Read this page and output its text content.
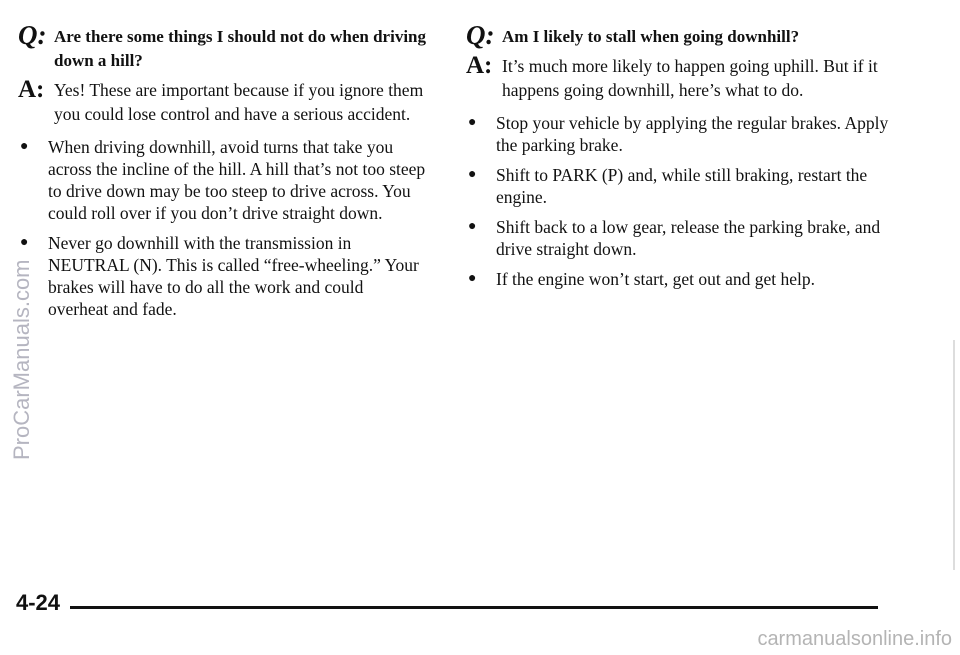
Q: Are there some things I should not do when driving down a hill?
A: Yes! These are important because if you ignore them you could lose control and have a serious accident.
●	When driving downhill, avoid turns that take you across the incline of the hill. A hill that’s not too steep to drive down may be too steep to drive across. You could roll over if you don’t drive straight down.
●	Never go downhill with the transmission in NEUTRAL (N). This is called “free-wheeling.” Your brakes will have to do all the work and could overheat and fade.
Q: Am I likely to stall when going downhill?
A: It’s much more likely to happen going uphill. But if it happens going downhill, here’s what to do.
●	Stop your vehicle by applying the regular brakes. Apply the parking brake.
●	Shift to PARK (P) and, while still braking, restart the engine.
●	Shift back to a low gear, release the parking brake, and drive straight down.
●	If the engine won’t start, get out and get help.
ProCarManuals.com
4-24
carmanualsonline.info
